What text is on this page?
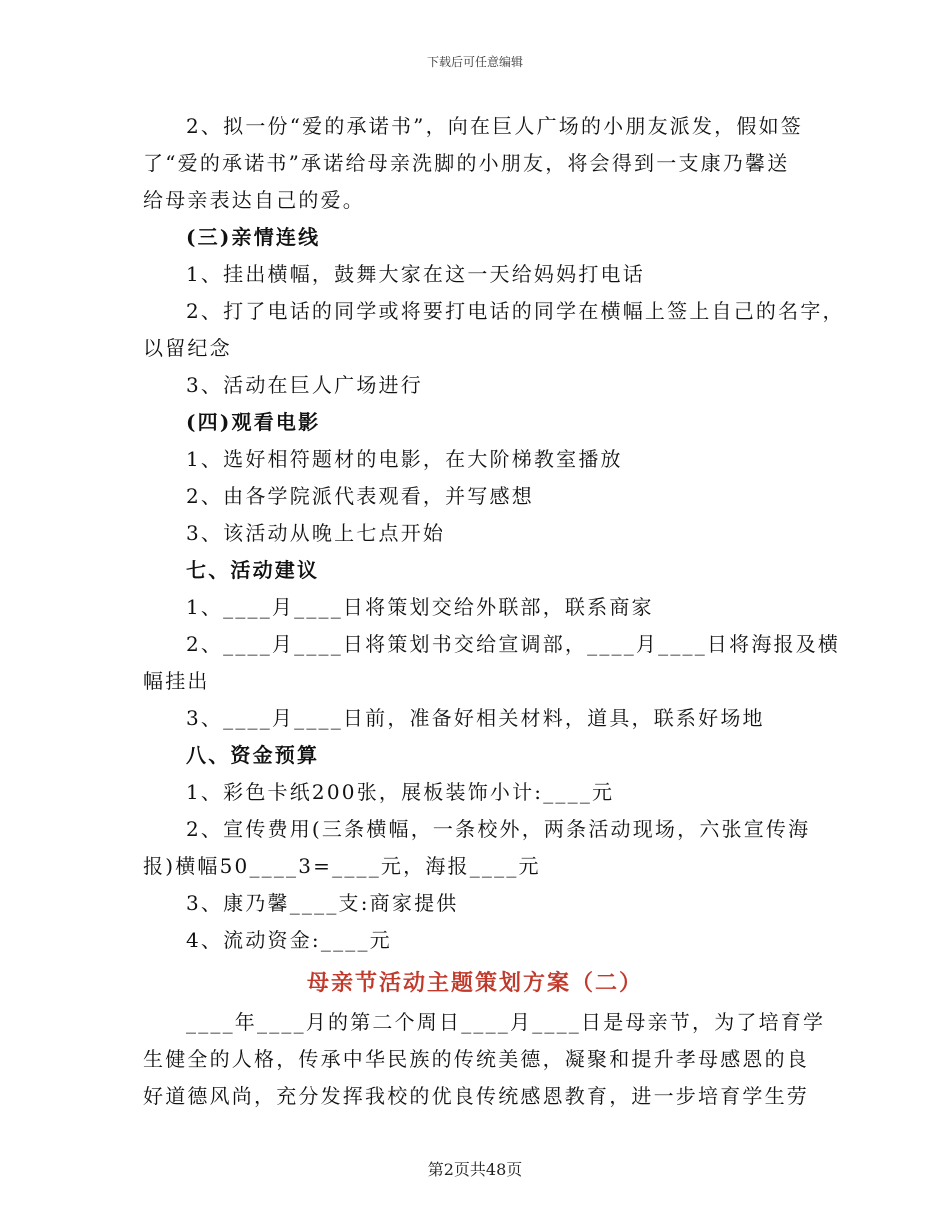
下载后可任意编辑
2、拟一份“爱的承诺书”，向在巨人广场的小朋友派发，假如签
了“爱的承诺书”承诺给母亲洗脚的小朋友，将会得到一支康乃馨送
给母亲表达自己的爱。
(三)亲情连线
1、挂出横幅，鼓舞大家在这一天给妈妈打电话
2、打了电话的同学或将要打电话的同学在横幅上签上自己的名字，
以留纪念
3、活动在巨人广场进行
(四)观看电影
1、选好相符题材的电影，在大阶梯教室播放
2、由各学院派代表观看，并写感想
3、该活动从晚上七点开始
七、活动建议
1、____月____日将策划交给外联部，联系商家
2、____月____日将策划书交给宣调部，____月____日将海报及横
幅挂出
3、____月____日前，准备好相关材料，道具，联系好场地
八、资金预算
1、彩色卡纸200张，展板装饰小计:____元
2、宣传费用(三条横幅，一条校外，两条活动现场，六张宣传海
报)横幅50____3=____元，海报____元
3、康乃馨____支:商家提供
4、流动资金:____元
母亲节活动主题策划方案（二）
____年____月的第二个周日____月____日是母亲节，为了培育学
生健全的人格，传承中华民族的传统美德，凝聚和提升孝母感恩的良
好道德风尚，充分发挥我校的优良传统感恩教育，进一步培育学生劳
第2页共48页
